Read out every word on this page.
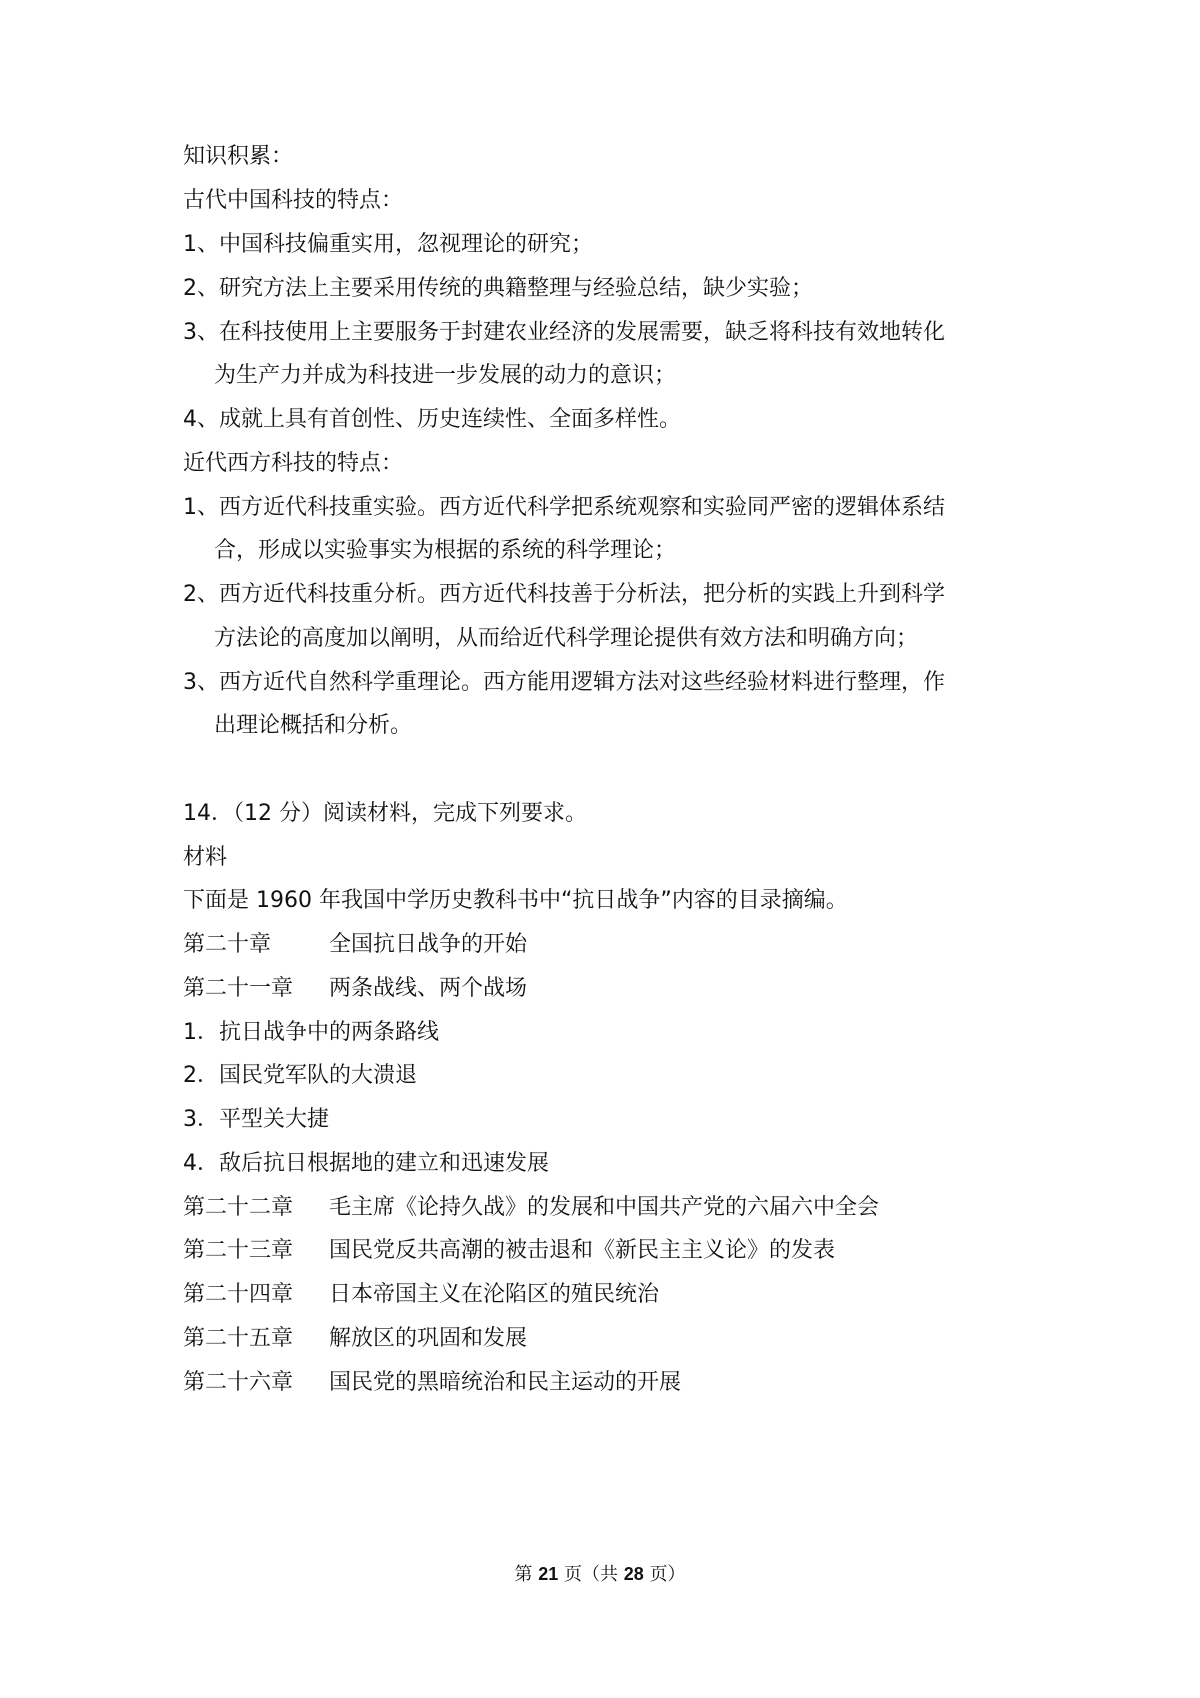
知识积累：
古代中国科技的特点：
1、中国科技偏重实用，忽视理论的研究；
2、研究方法上主要采用传统的典籍整理与经验总结，缺少实验；
3、在科技使用上主要服务于封建农业经济的发展需要，缺乏将科技有效地转化
为生产力并成为科技进一步发展的动力的意识；
4、成就上具有首创性、历史连续性、全面多样性。
近代西方科技的特点：
1、西方近代科技重实验。西方近代科学把系统观察和实验同严密的逻辑体系结
合，形成以实验事实为根据的系统的科学理论；
2、西方近代科技重分析。西方近代科技善于分析法，把分析的实践上升到科学
方法论的高度加以阐明，从而给近代科学理论提供有效方法和明确方向；
3、西方近代自然科学重理论。西方能用逻辑方法对这些经验材料进行整理，作
出理论概括和分析。
14．（12 分）阅读材料，完成下列要求。
材料
下面是 1960 年我国中学历史教科书中“抗日战争”内容的目录摘编。
第二十章	全国抗日战争的开始
第二十一章 两条战线、两个战场
1．抗日战争中的两条路线
2．国民党军队的大溃退
3．平型关大捷
4．敌后抗日根据地的建立和迅速发展
第二十二章 毛主席《论持久战》的发展和中国共产党的六届六中全会
第二十三章 国民党反共高潮的被击退和《新民主主义论》的发表
第二十四章 日本帝国主义在沦陷区的殖民统治
第二十五章 解放区的巩固和发展
第二十六章 国民党的黑暗统治和民主运动的开展
第 21 页（共 28 页）
